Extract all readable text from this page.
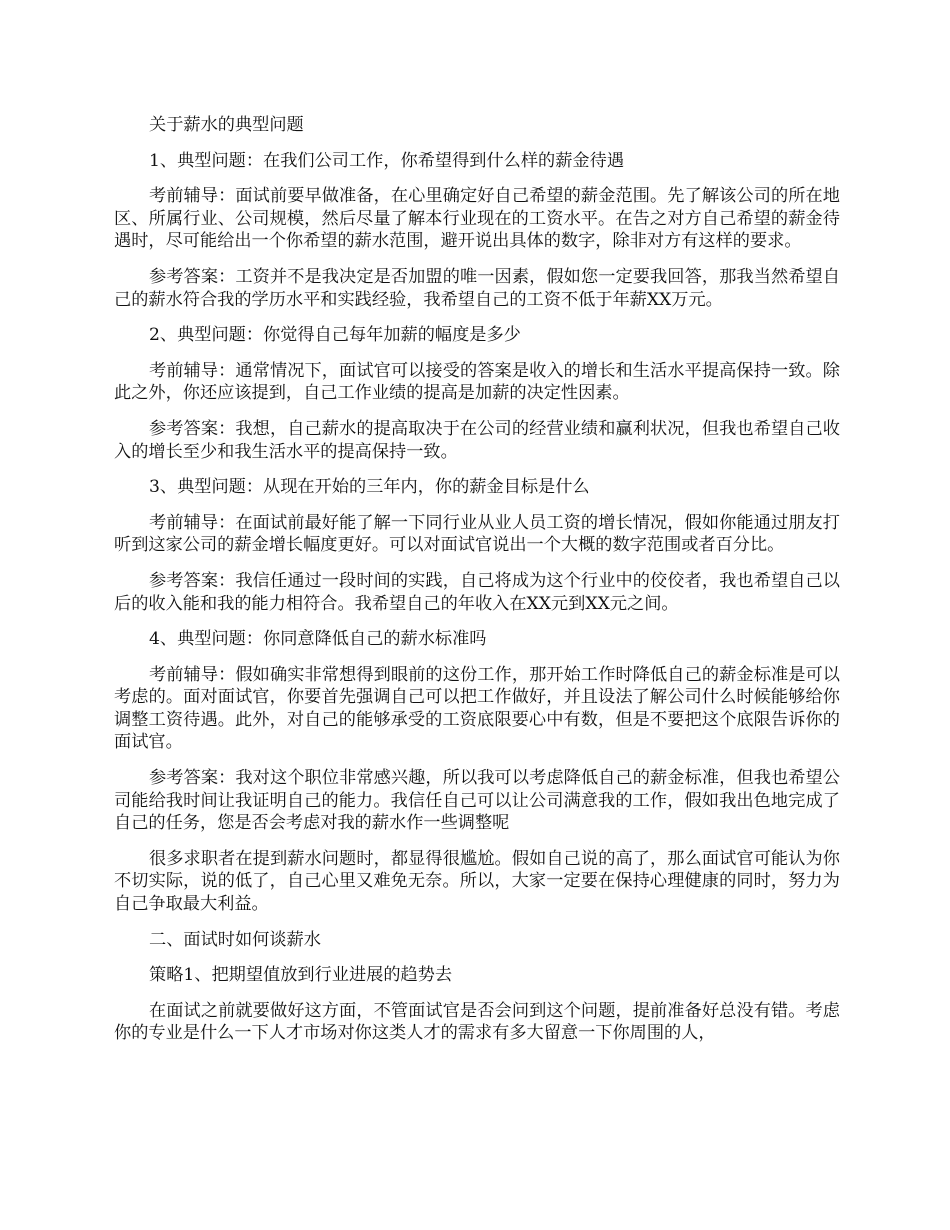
关于薪水的典型问题

1、典型问题：在我们公司工作，你希望得到什么样的薪金待遇

考前辅导：面试前要早做准备，在心里确定好自己希望的薪金范围。先了解该公司的所在地区、所属行业、公司规模，然后尽量了解本行业现在的工资水平。在告之对方自己希望的薪金待遇时，尽可能给出一个你希望的薪水范围，避开说出具体的数字，除非对方有这样的要求。

参考答案：工资并不是我决定是否加盟的唯一因素，假如您一定要我回答，那我当然希望自己的薪水符合我的学历水平和实践经验，我希望自己的工资不低于年薪XX万元。

2、典型问题：你觉得自己每年加薪的幅度是多少

考前辅导：通常情况下，面试官可以接受的答案是收入的增长和生活水平提高保持一致。除此之外，你还应该提到，自己工作业绩的提高是加薪的决定性因素。

参考答案：我想，自己薪水的提高取决于在公司的经营业绩和赢利状况，但我也希望自己收入的增长至少和我生活水平的提高保持一致。

3、典型问题：从现在开始的三年内，你的薪金目标是什么

考前辅导：在面试前最好能了解一下同行业从业人员工资的增长情况，假如你能通过朋友打听到这家公司的薪金增长幅度更好。可以对面试官说出一个大概的数字范围或者百分比。

参考答案：我信任通过一段时间的实践，自己将成为这个行业中的佼佼者，我也希望自己以后的收入能和我的能力相符合。我希望自己的年收入在XX元到XX元之间。

4、典型问题：你同意降低自己的薪水标准吗

考前辅导：假如确实非常想得到眼前的这份工作，那开始工作时降低自己的薪金标准是可以考虑的。面对面试官，你要首先强调自己可以把工作做好，并且设法了解公司什么时候能够给你调整工资待遇。此外，对自己的能够承受的工资底限要心中有数，但是不要把这个底限告诉你的面试官。

参考答案：我对这个职位非常感兴趣，所以我可以考虑降低自己的薪金标准，但我也希望公司能给我时间让我证明自己的能力。我信任自己可以让公司满意我的工作，假如我出色地完成了自己的任务，您是否会考虑对我的薪水作一些调整呢

很多求职者在提到薪水问题时，都显得很尴尬。假如自己说的高了，那么面试官可能认为你不切实际，说的低了，自己心里又难免无奈。所以，大家一定要在保持心理健康的同时，努力为自己争取最大利益。

二、面试时如何谈薪水

策略1、把期望值放到行业进展的趋势去

在面试之前就要做好这方面，不管面试官是否会问到这个问题，提前准备好总没有错。考虑你的专业是什么一下人才市场对你这类人才的需求有多大留意一下你周围的人，
